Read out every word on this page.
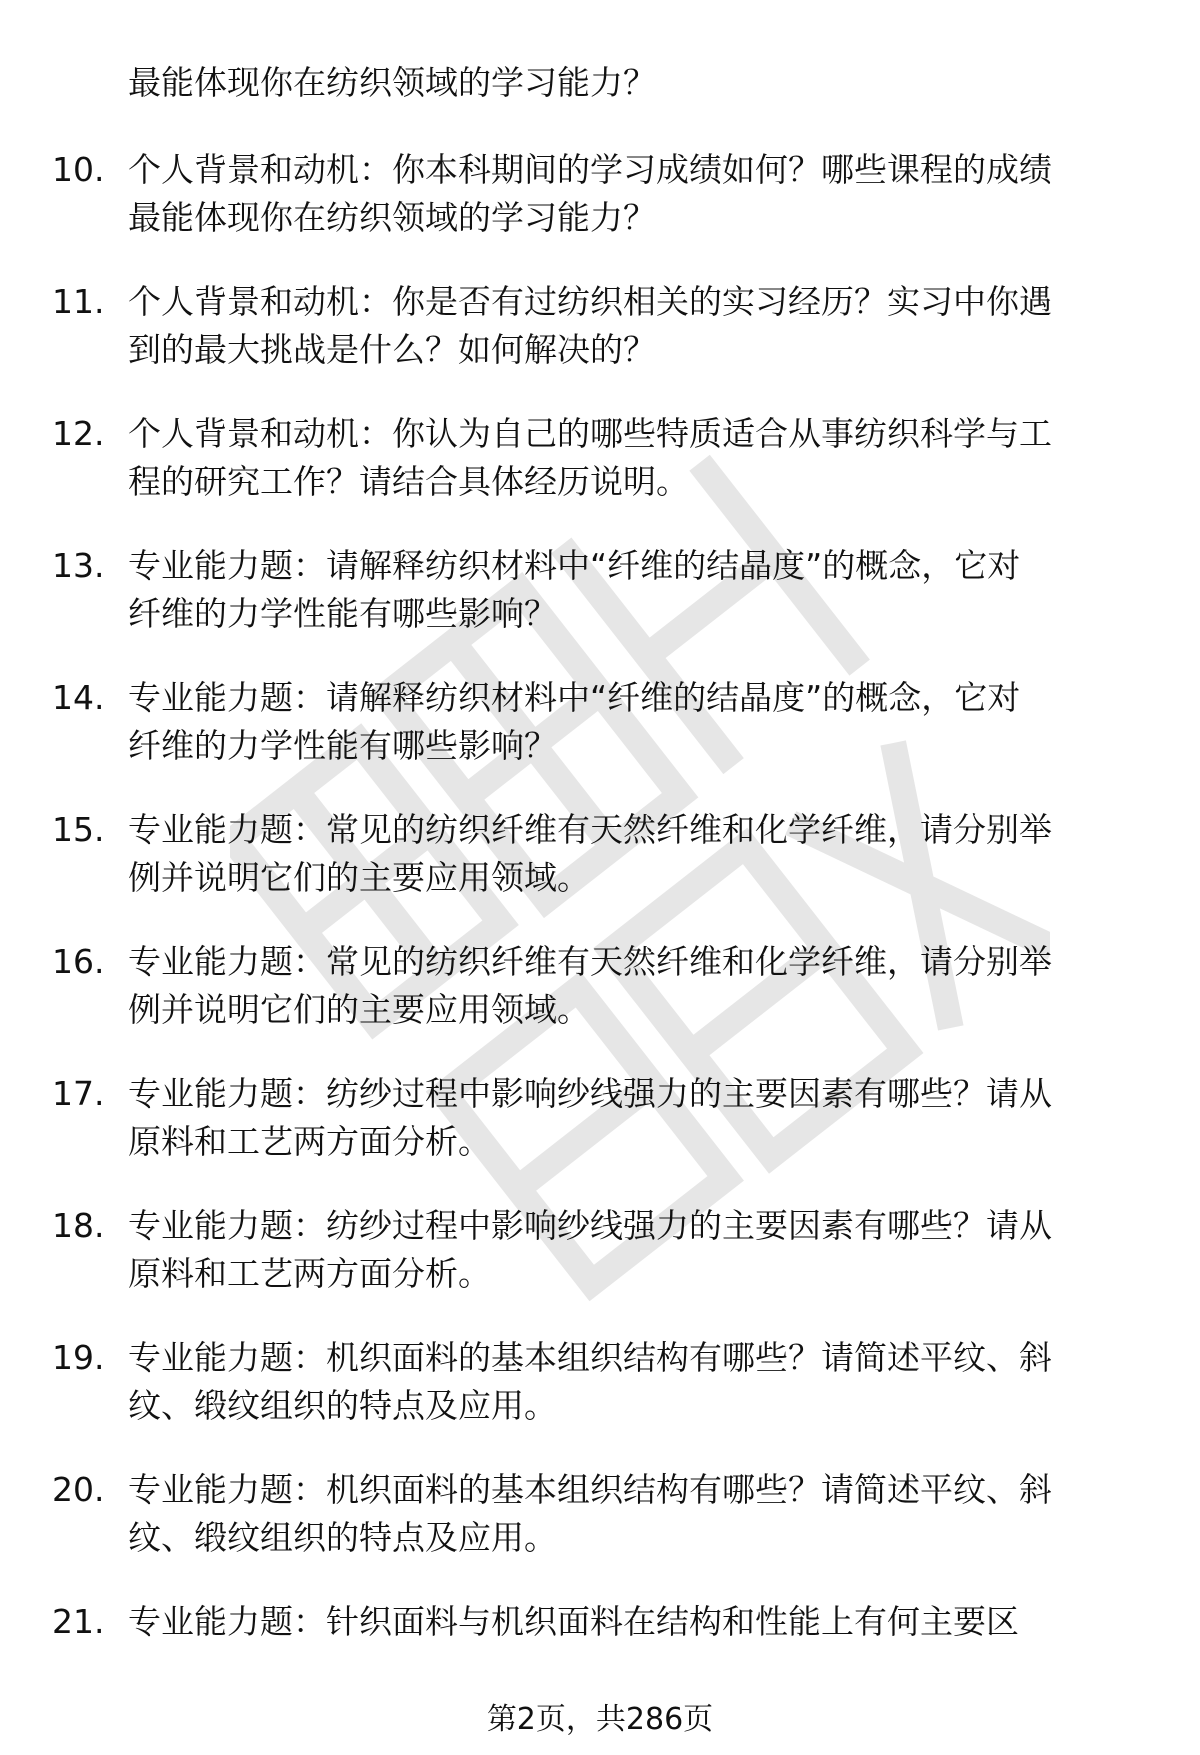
最能体现你在纺织领域的学习能力？
10. 个人背景和动机：你本科期间的学习成绩如何？哪些课程的成绩
最能体现你在纺织领域的学习能力？
11. 个人背景和动机：你是否有过纺织相关的实习经历？实习中你遇
到的最大挑战是什么？如何解决的？
12. 个人背景和动机：你认为自己的哪些特质适合从事纺织科学与工
程的研究工作？请结合具体经历说明。
13. 专业能力题：请解释纺织材料中“纤维的结晶度”的概念，它对
纤维的力学性能有哪些影响？
14. 专业能力题：请解释纺织材料中“纤维的结晶度”的概念，它对
纤维的力学性能有哪些影响？
15. 专业能力题：常见的纺织纤维有天然纤维和化学纤维，请分别举
例并说明它们的主要应用领域。
16. 专业能力题：常见的纺织纤维有天然纤维和化学纤维，请分别举
例并说明它们的主要应用领域。
17. 专业能力题：纺纱过程中影响纱线强力的主要因素有哪些？请从
原料和工艺两方面分析。
18. 专业能力题：纺纱过程中影响纱线强力的主要因素有哪些？请从
原料和工艺两方面分析。
19. 专业能力题：机织面料的基本组织结构有哪些？请简述平纹、斜
纹、缎纹组织的特点及应用。
20. 专业能力题：机织面料的基本组织结构有哪些？请简述平纹、斜
纹、缎纹组织的特点及应用。
21. 专业能力题：针织面料与机织面料在结构和性能上有何主要区
第2页，共286页
